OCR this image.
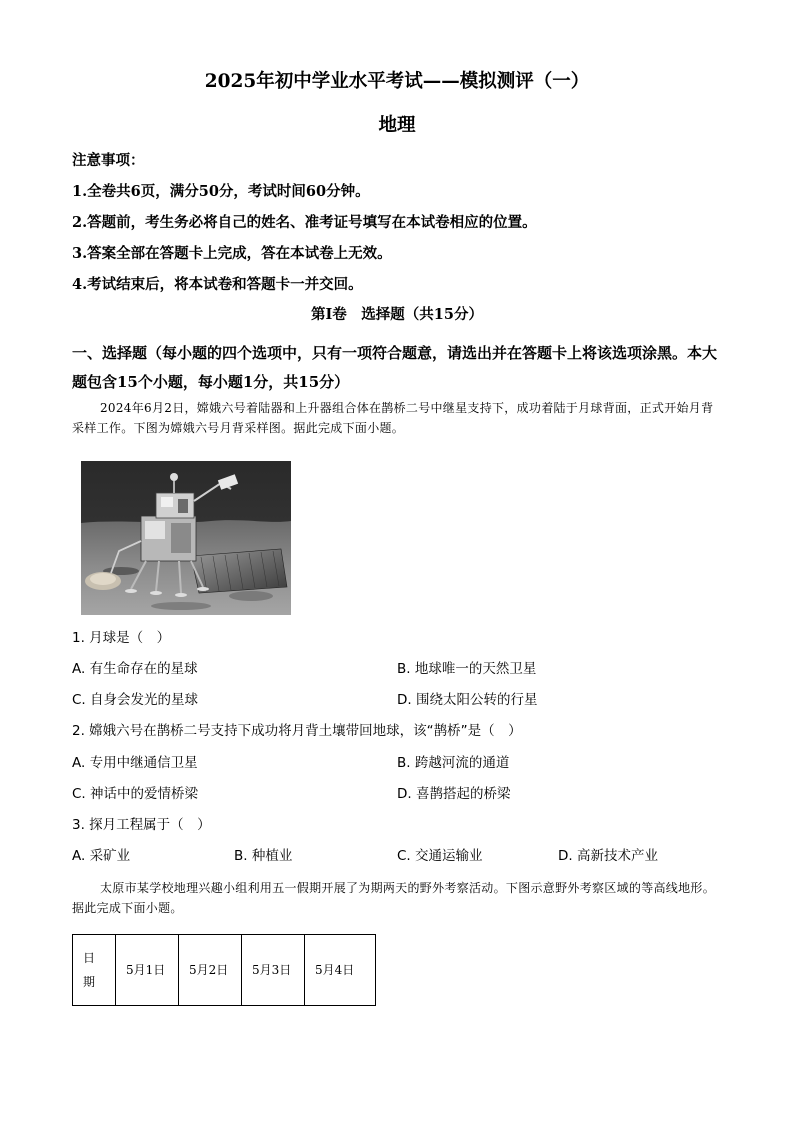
2025年初中学业水平考试——模拟测评（一）
地理
注意事项：
1.全卷共6页，满分50分，考试时间60分钟。
2.答题前，考生务必将自己的姓名、准考证号填写在本试卷相应的位置。
3.答案全部在答题卡上完成，答在本试卷上无效。
4.考试结束后，将本试卷和答题卡一并交回。
第Ⅰ卷　选择题（共15分）
一、选择题（每小题的四个选项中，只有一项符合题意，请选出并在答题卡上将该选项涂黑。本大题包含15个小题，每小题1分，共15分）
2024年6月2日，嫦娥六号着陆器和上升器组合体在鹊桥二号中继星支持下，成功着陆于月球背面，正式开始月背采样工作。下图为嫦娥六号月背采样图。据此完成下面小题。
1. 月球是（　）
A. 有生命存在的星球	B. 地球唯一的天然卫星
C. 自身会发光的星球	D. 围绕太阳公转的行星
2. 嫦娥六号在鹊桥二号支持下成功将月背土壤带回地球，该“鹊桥”是（　）
A. 专用中继通信卫星	B. 跨越河流的通道
C. 神话中的爱情桥梁	D. 喜鹊搭起的桥梁
3. 探月工程属于（　）
A. 采矿业	B. 种植业	C. 交通运输业	D. 高新技术产业
太原市某学校地理兴趣小组利用五一假期开展了为期两天的野外考察活动。下图示意野外考察区域的等高线地形。据此完成下面小题。
日期	5月1日	5月2日	5月3日	5月4日
